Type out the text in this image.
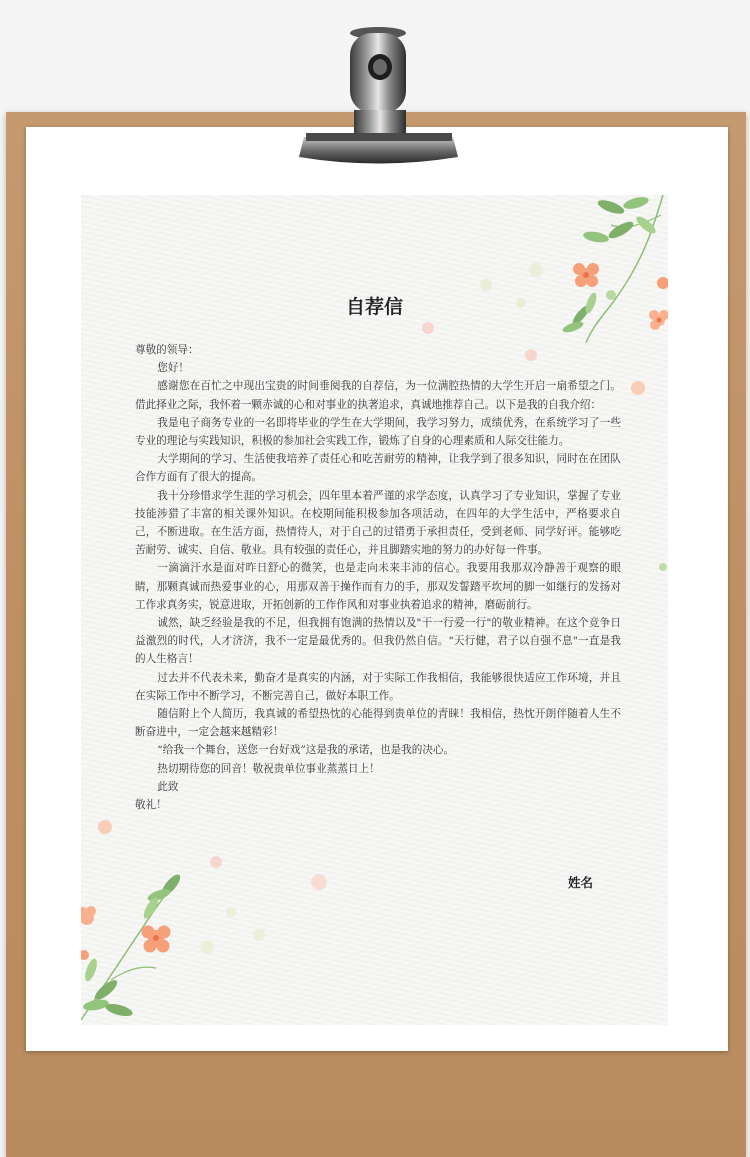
自荐信

尊敬的领导：

您好！

感谢您在百忙之中现出宝贵的时间垂阅我的自荐信，为一位满腔热情的大学生开启一扇希望之门。借此择业之际，我怀着一颗赤诚的心和对事业的执著追求，真诚地推荐自己。以下是我的自我介绍：

我是电子商务专业的一名即将毕业的学生在大学期间，我学习努力，成绩优秀，在系统学习了一些专业的理论与实践知识，积极的参加社会实践工作，锻炼了自身的心理素质和人际交往能力。

大学期间的学习、生活使我培养了责任心和吃苦耐劳的精神，让我学到了很多知识，同时在在团队合作方面有了很大的提高。

我十分珍惜求学生涯的学习机会，四年里本着严谨的求学态度，认真学习了专业知识，掌握了专业技能涉猎了丰富的相关课外知识。在校期间能积极参加各项活动，在四年的大学生活中，严格要求自己，不断进取。在生活方面，热情待人，对于自己的过错勇于承担责任，受到老师、同学好评。能够吃苦耐劳、诚实、自信、敬业。具有较强的责任心，并且脚踏实地的努力的办好每一件事。

一滴滴汗水是面对昨日舒心的微笑，也是走向未来丰沛的信心。我要用我那双冷静善于观察的眼睛，那颗真诚而热爱事业的心，用那双善于操作而有力的手，那双发誓踏平坎坷的脚一如继行的发扬对工作求真务实，锐意进取，开拓创新的工作作风和对事业执着追求的精神，磨砺前行。

诚然，缺乏经验是我的不足，但我拥有饱满的热情以及"干一行爱一行"的敬业精神。在这个竞争日益激烈的时代，人才济济，我不一定是最优秀的。但我仍然自信。"天行健，君子以自强不息"一直是我的人生格言！

过去并不代表未来，勤奋才是真实的内涵，对于实际工作我相信，我能够很快适应工作环境，并且在实际工作中不断学习，不断完善自己，做好本职工作。

随信附上个人简历，我真诚的希望热忱的心能得到贵单位的青睐！我相信，热忱开朗伴随着人生不断奋进中，一定会越来越精彩！

“给我一个舞台，送您一台好戏”这是我的承诺，也是我的决心。

热切期待您的回音！敬祝贵单位事业蒸蒸日上！

此致

敬礼！

姓名
